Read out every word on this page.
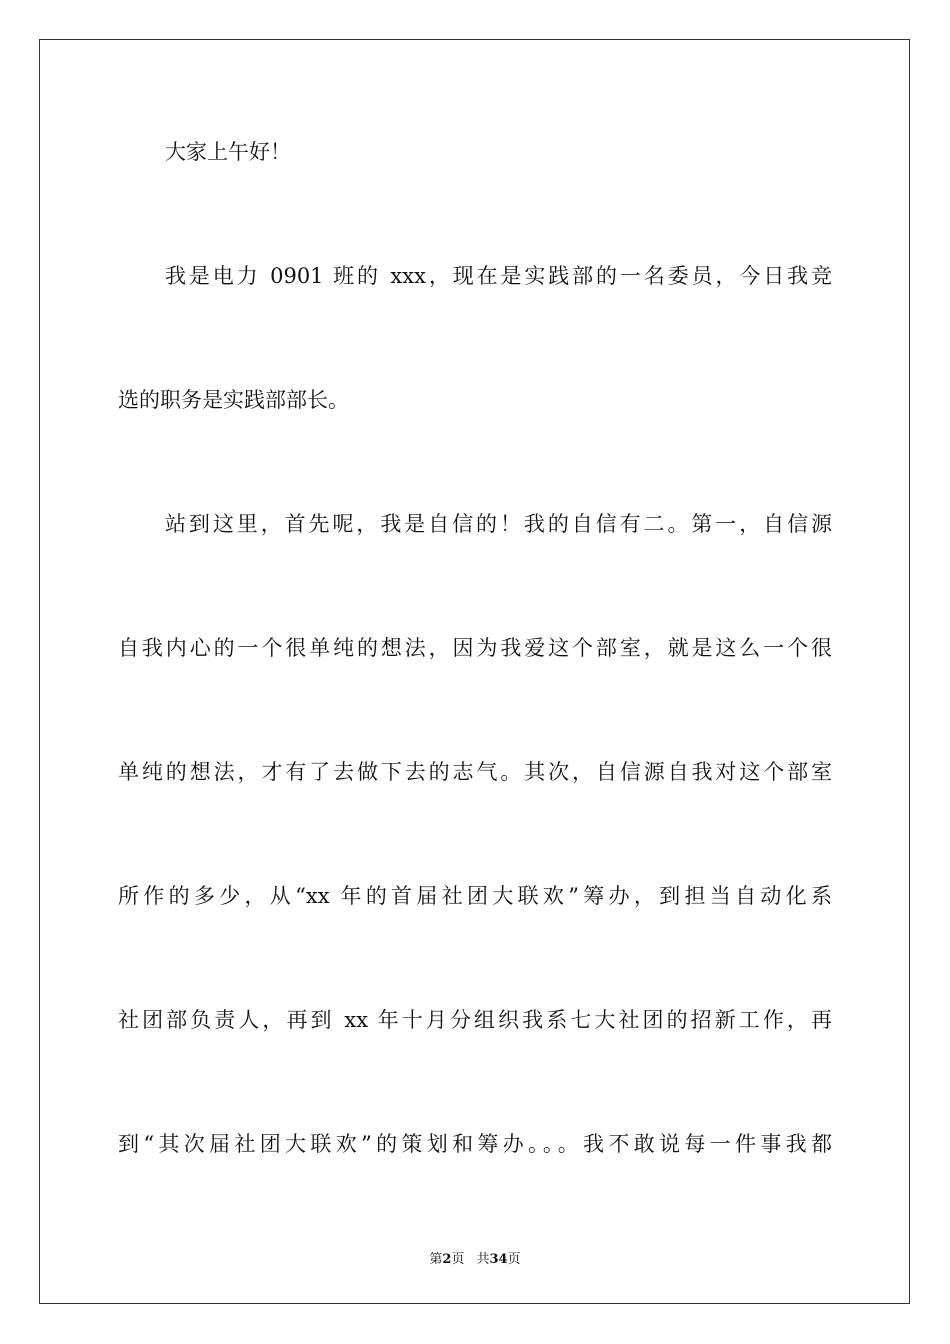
大家上午好！
我是电力 0901 班的 xxx，现在是实践部的一名委员，今日我竞
选的职务是实践部部长。
站到这里，首先呢，我是自信的！我的自信有二。第一，自信源
自我内心的一个很单纯的想法，因为我爱这个部室，就是这么一个很
单纯的想法，才有了去做下去的志气。其次，自信源自我对这个部室
所作的多少，从“xx 年的首届社团大联欢”筹办，到担当自动化系
社团部负责人，再到 xx 年十月分组织我系七大社团的招新工作，再
到“其次届社团大联欢”的策划和筹办。。。我不敢说每一件事我都
第2页 共34页
